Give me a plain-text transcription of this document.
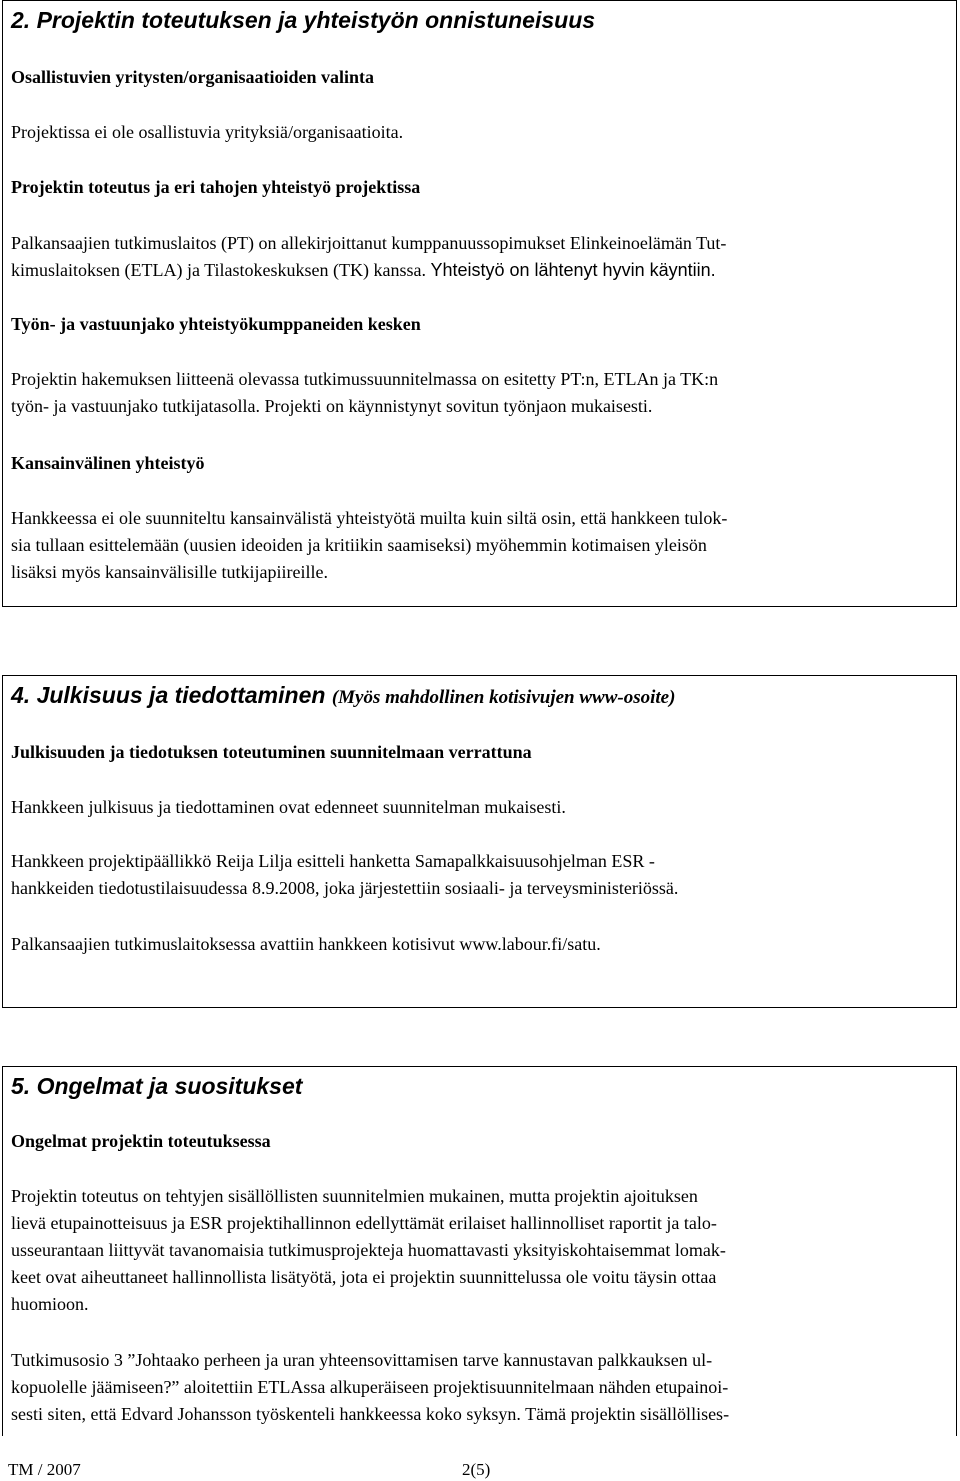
2. Projektin toteutuksen ja yhteistyön onnistuneisuus

Osallistuvien yritysten/organisaatioiden valinta

Projektissa ei ole osallistuvia yrityksiä/organisaatioita.

Projektin toteutus ja eri tahojen yhteistyö projektissa

Palkansaajien tutkimuslaitos (PT) on allekirjoittanut kumppanuussopimukset Elinkeinoelämän Tut-
kimuslaitoksen (ETLA) ja Tilastokeskuksen (TK) kanssa. Yhteistyö on lähtenyt hyvin käyntiin.

Työn- ja vastuunjako yhteistyökumppaneiden kesken

Projektin hakemuksen liitteenä olevassa tutkimussuunnitelmassa on esitetty PT:n, ETLAn ja TK:n
työn- ja vastuunjako tutkijatasolla. Projekti on käynnistynyt sovitun työnjaon mukaisesti.

Kansainvälinen yhteistyö

Hankkeessa ei ole suunniteltu kansainvälistä yhteistyötä muilta kuin siltä osin, että hankkeen tulok-
sia tullaan esittelemään (uusien ideoiden ja kritiikin saamiseksi) myöhemmin kotimaisen yleisön
lisäksi myös kansainvälisille tutkijapiireille.

4. Julkisuus ja tiedottaminen (Myös mahdollinen kotisivujen www-osoite)

Julkisuuden ja tiedotuksen toteutuminen suunnitelmaan verrattuna

Hankkeen julkisuus ja tiedottaminen ovat edenneet suunnitelman mukaisesti.

Hankkeen projektipäällikkö Reija Lilja esitteli hanketta Samapalkkaisuusohjelman ESR -
hankkeiden tiedotustilaisuudessa 8.9.2008, joka järjestettiin sosiaali- ja terveysministeriössä.

Palkansaajien tutkimuslaitoksessa avattiin hankkeen kotisivut www.labour.fi/satu.

5. Ongelmat ja suositukset

Ongelmat projektin toteutuksessa

Projektin toteutus on tehtyjen sisällöllisten suunnitelmien mukainen, mutta projektin ajoituksen
lievä etupainotteisuus ja ESR projektihallinnon edellyttämät erilaiset hallinnolliset raportit ja talo-
usseurantaan liittyvät tavanomaisia tutkimusprojekteja huomattavasti yksityiskohtaisemmat lomak-
keet ovat aiheuttaneet hallinnollista lisätyötä, jota ei projektin suunnittelussa ole voitu täysin ottaa
huomioon.

Tutkimusosio 3 ”Johtaako perheen ja uran yhteensovittamisen tarve kannustavan palkkauksen ul-
kopuolelle jäämiseen?” aloitettiin ETLAssa alkuperäiseen projektisuunnitelmaan nähden etupainoi-
sesti siten, että Edvard Johansson työskenteli hankkeessa koko syksyn. Tämä projektin sisällöllises-

TM / 2007	2(5)
